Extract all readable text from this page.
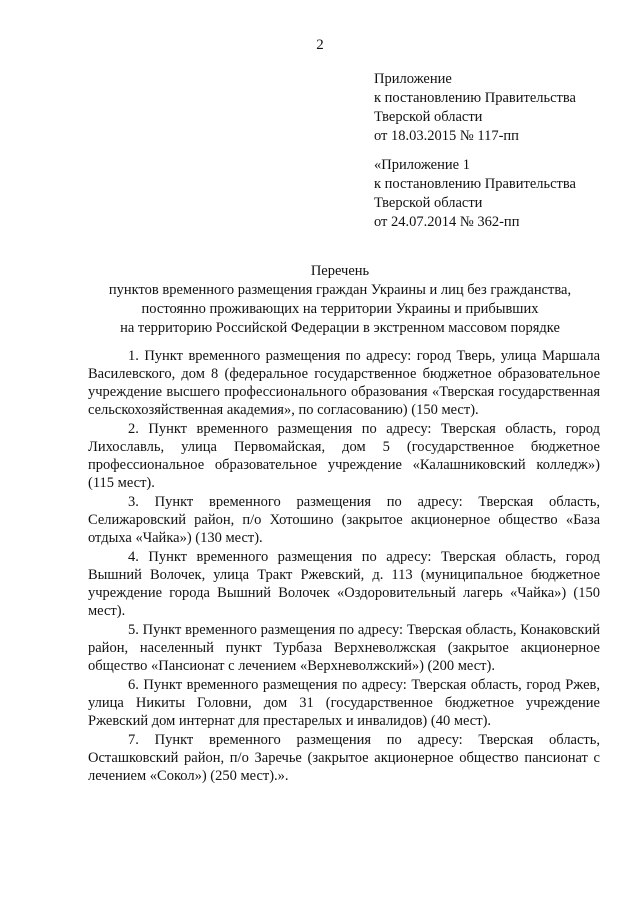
2
Приложение
к постановлению Правительства
Тверской области
от 18.03.2015 № 117-пп
«Приложение 1
к постановлению Правительства
Тверской области
от 24.07.2014 № 362-пп
Перечень
пунктов временного размещения граждан Украины и лиц без гражданства,
постоянно проживающих на территории Украины и прибывших
на территорию Российской Федерации в экстренном массовом порядке

1. Пункт временного размещения по адресу: город Тверь, улица Маршала Василевского, дом 8 (федеральное государственное бюджетное образовательное учреждение высшего профессионального образования «Тверская государственная сельскохозяйственная академия», по согласованию) (150 мест).

2. Пункт временного размещения по адресу: Тверская область, город Лихославль, улица Первомайская, дом 5 (государственное бюджетное профессиональное образовательное учреждение «Калашниковский колледж») (115 мест).

3. Пункт временного размещения по адресу: Тверская область, Селижаровский район, п/о Хотошино (закрытое акционерное общество «База отдыха «Чайка») (130 мест).

4. Пункт временного размещения по адресу: Тверская область, город Вышний Волочек, улица Тракт Ржевский, д. 113 (муниципальное бюджетное учреждение города Вышний Волочек «Оздоровительный лагерь «Чайка») (150 мест).

5. Пункт временного размещения по адресу: Тверская область, Конаковский район, населенный пункт Турбаза Верхневолжская (закрытое акционерное общество «Пансионат с лечением «Верхневолжский») (200 мест).

6. Пункт временного размещения по адресу: Тверская область, город Ржев, улица Никиты Головни, дом 31 (государственное бюджетное учреждение Ржевский дом интернат для престарелых и инвалидов) (40 мест).

7. Пункт временного размещения по адресу: Тверская область, Осташковский район, п/о Заречье (закрытое акционерное общество пансионат с лечением «Сокол») (250 мест).».
